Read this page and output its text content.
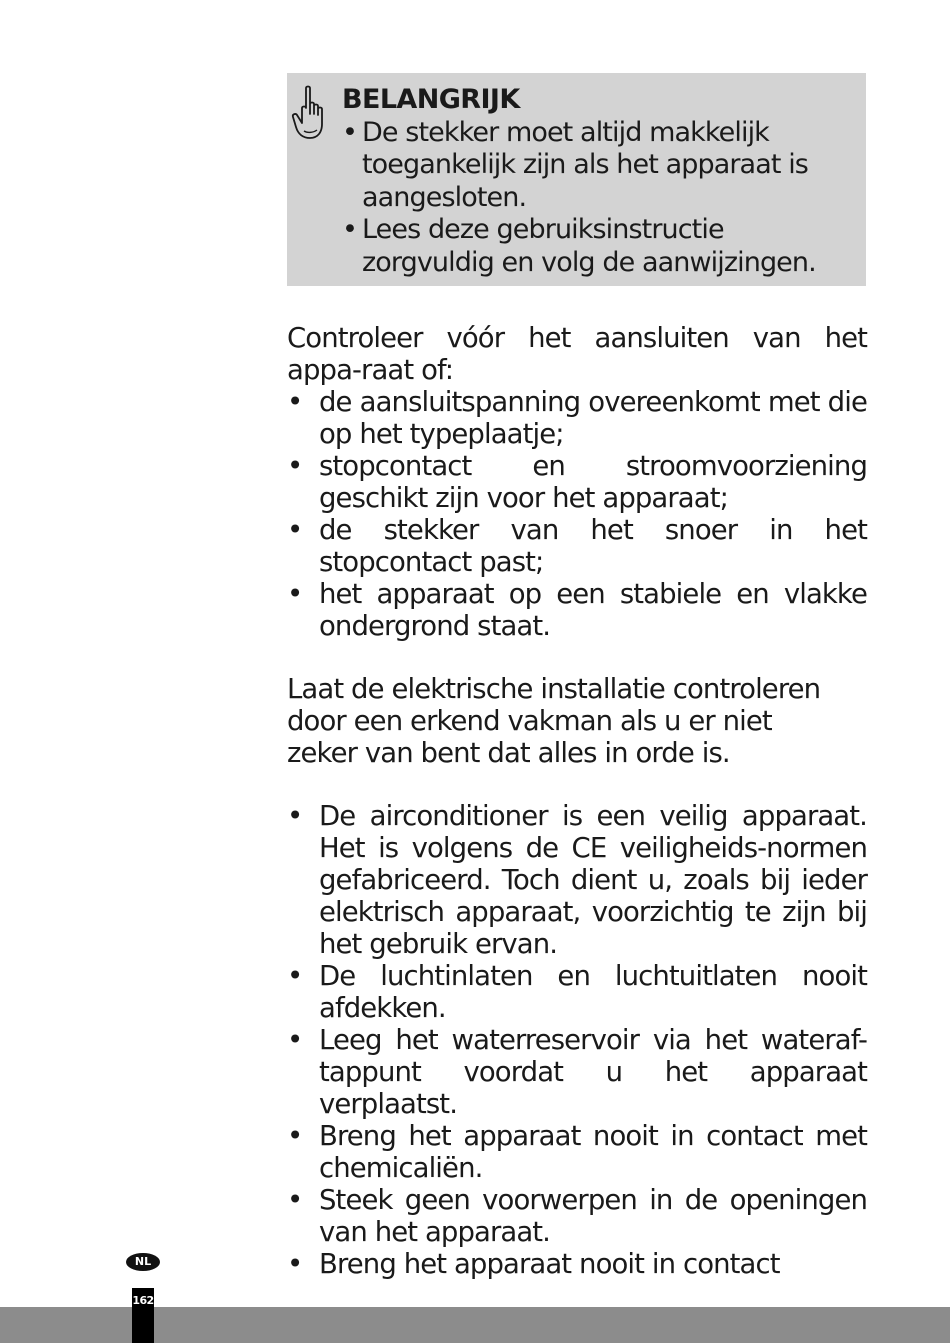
BELANGRIJK
• De stekker moet altijd makkelijk
toegankelijk zijn als het apparaat is aangesloten.
• Lees deze gebruiksinstructie
zorgvuldig en volg de aanwijzingen.

Controleer vóór het aansluiten van het appa-raat of:

• de aansluitspanning overeenkomt met die op het typeplaatje;
• stopcontact en stroomvoorziening geschikt zijn voor het apparaat;
• de stekker van het snoer in het stopcontact past;
• het apparaat op een stabiele en vlakke ondergrond staat.
Laat de elektrische installatie controleren
door een erkend vakman als u er niet
zeker van bent dat alles in orde is.
• De airconditioner is een veilig apparaat. Het is volgens de CE veiligheids-normen gefabriceerd. Toch dient u, zoals bij ieder elektrisch apparaat, voorzichtig te zijn bij het gebruik ervan.
• De luchtinlaten en luchtuitlaten nooit afdekken.
• Leeg het waterreservoir via het wateraf-tappunt voordat u het apparaat verplaatst.
• Breng het apparaat nooit in contact met chemicaliën.
• Steek geen voorwerpen in de openingen van het apparaat.
• Breng het apparaat nooit in contact
NL
162
